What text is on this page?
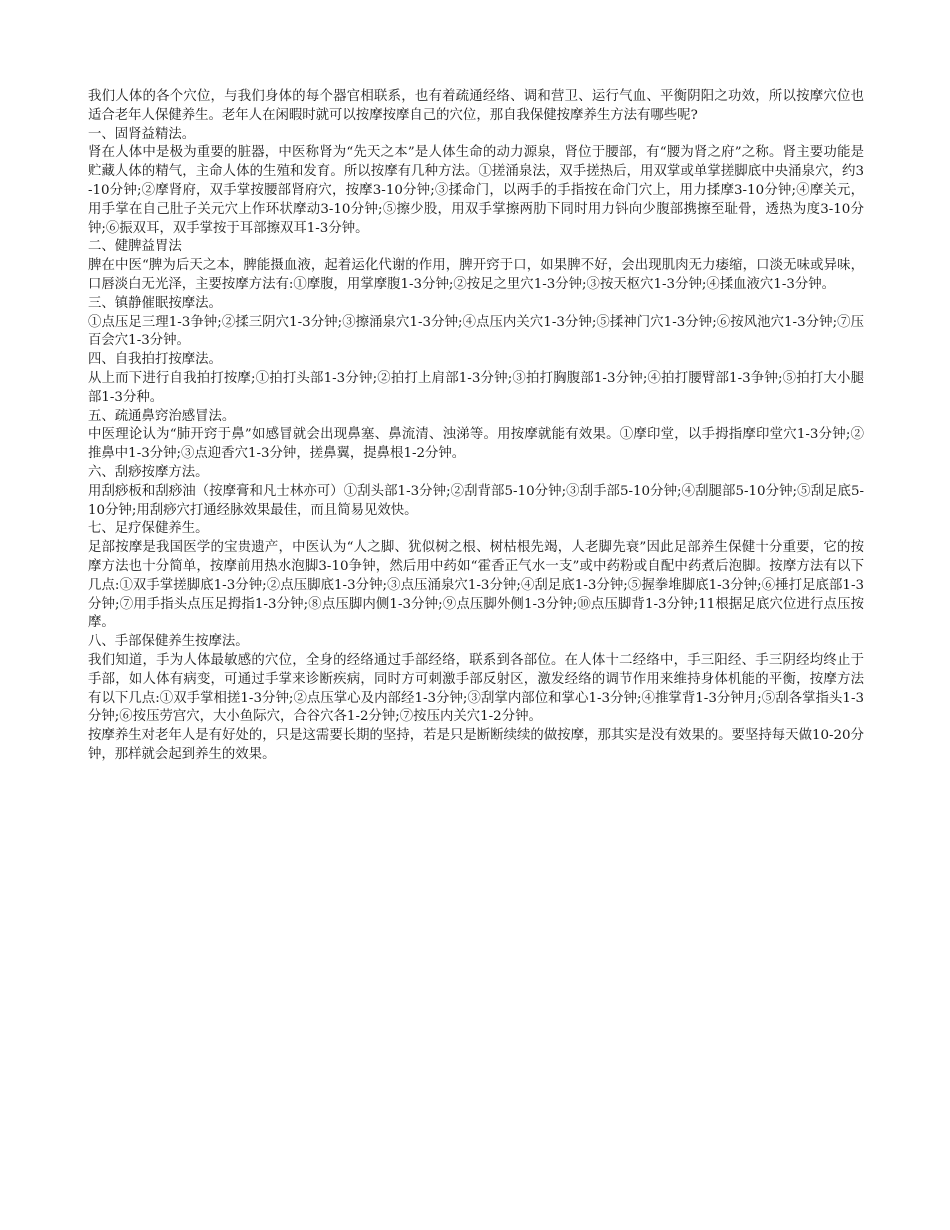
我们人体的各个穴位，与我们身体的每个器官相联系，也有着疏通经络、调和营卫、运行气血、平衡阴阳之功效，所以按摩穴位也适合老年人保健养生。老年人在闲暇时就可以按摩按摩自己的穴位，那自我保健按摩养生方法有哪些呢?

一、固肾益精法。

肾在人体中是极为重要的脏器，中医称肾为“先天之本”是人体生命的动力源泉，肾位于腰部，有“腰为肾之府”之称。肾主要功能是贮藏人体的精气，主命人体的生殖和发育。所以按摩有几种方法。①搓涌泉法，双手搓热后，用双掌或单掌搓脚底中央涌泉穴，约3-10分钟;②摩肾府，双手掌按腰部肾府穴，按摩3-10分钟;③揉命门，以两手的手指按在命门穴上，用力揉摩3-10分钟;④摩关元，用手掌在自己肚子关元穴上作环状摩动3-10分钟;⑤擦少股，用双手掌擦两肋下同时用力钭向少腹部携擦至耻骨，透热为度3-10分钟;⑥振双耳，双手掌按于耳部擦双耳1-3分钟。

二、健脾益胃法

脾在中医“脾为后天之本，脾能摄血液，起着运化代谢的作用，脾开窍于口，如果脾不好，会出现肌肉无力痿缩，口淡无味或异味，口唇淡白无光泽，主要按摩方法有:①摩腹，用掌摩腹1-3分钟;②按足之里穴1-3分钟;③按天枢穴1-3分钟;④揉血液穴1-3分钟。

三、镇静催眠按摩法。

①点压足三理1-3争钟;②揉三阴穴1-3分钟;③擦涌泉穴1-3分钟;④点压内关穴1-3分钟;⑤揉神门穴1-3分钟;⑥按风池穴1-3分钟;⑦压百会穴1-3分钟。

四、自我拍打按摩法。

从上而下进行自我拍打按摩;①拍打头部1-3分钟;②拍打上肩部1-3分钟;③拍打胸腹部1-3分钟;④拍打腰臂部1-3争钟;⑤拍打大小腿部1-3分种。

五、疏通鼻窍治感冒法。

中医理论认为“肺开窍于鼻”如感冒就会出现鼻塞、鼻流清、浊涕等。用按摩就能有效果。①摩印堂，以手拇指摩印堂穴1-3分钟;②推鼻中1-3分钟;③点迎香穴1-3分钟，搓鼻翼，提鼻根1-2分钟。

六、刮痧按摩方法。

用刮痧板和刮痧油（按摩膏和凡士林亦可）①刮头部1-3分钟;②刮背部5-10分钟;③刮手部5-10分钟;④刮腿部5-10分钟;⑤刮足底5-10分钟;用刮痧穴打通经脉效果最佳，而且简易见效快。

七、足疗保健养生。

足部按摩是我国医学的宝贵遗产，中医认为“人之脚、犹似树之根、树枯根先竭，人老脚先衰”因此足部养生保健十分重要，它的按摩方法也十分简单，按摩前用热水泡脚3-10争钟，然后用中药如“霍香正气水一支”或中药粉或自配中药煮后泡脚。按摩方法有以下几点:①双手掌搓脚底1-3分钟;②点压脚底1-3分钟;③点压涌泉穴1-3分钟;④刮足底1-3分钟;⑤握拳堆脚底1-3分钟;⑥捶打足底部1-3分钟;⑦用手指头点压足拇指1-3分钟;⑧点压脚内侧1-3分钟;⑨点压脚外侧1-3分钟;⑩点压脚背1-3分钟;11根据足底穴位进行点压按摩。

八、手部保健养生按摩法。

我们知道，手为人体最敏感的穴位，全身的经络通过手部经络，联系到各部位。在人体十二经络中，手三阳经、手三阴经均终止于手部，如人体有病变，可通过手掌来诊断疾病，同时方可刺激手部反射区，激发经络的调节作用来维持身体机能的平衡，按摩方法有以下几点:①双手掌相搓1-3分钟;②点压掌心及内部经1-3分钟;③刮掌内部位和掌心1-3分钟;④推掌背1-3分钟月;⑤刮各掌指头1-3分钟;⑥按压劳宫穴，大小鱼际穴，合谷穴各1-2分钟;⑦按压内关穴1-2分钟。

按摩养生对老年人是有好处的，只是这需要长期的坚持，若是只是断断续续的做按摩，那其实是没有效果的。要坚持每天做10-20分钟，那样就会起到养生的效果。
